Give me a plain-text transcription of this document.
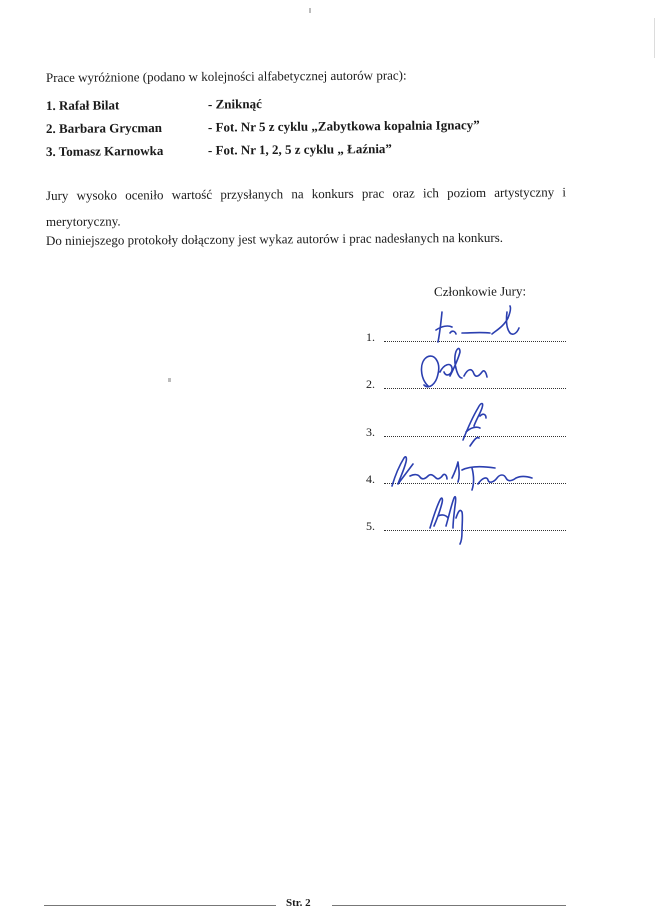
Prace wyróżnione (podano w kolejności alfabetycznej autorów prac):
1. Rafał Bilat	- Zniknąć
2. Barbara Grycman	- Fot. Nr 5 z cyklu „Zabytkowa kopalnia Ignacy”
3. Tomasz Karnowka	- Fot. Nr 1, 2, 5 z cyklu „ Łaźnia”
Jury wysoko oceniło wartość przysłanych na konkurs prac oraz ich poziom artystyczny i
merytoryczny.
Do niniejszego protokoły dołączony jest wykaz autorów i prac nadesłanych na konkurs.
Członkowie Jury:
1.
2.
3.
4.
5.
Str. 2
